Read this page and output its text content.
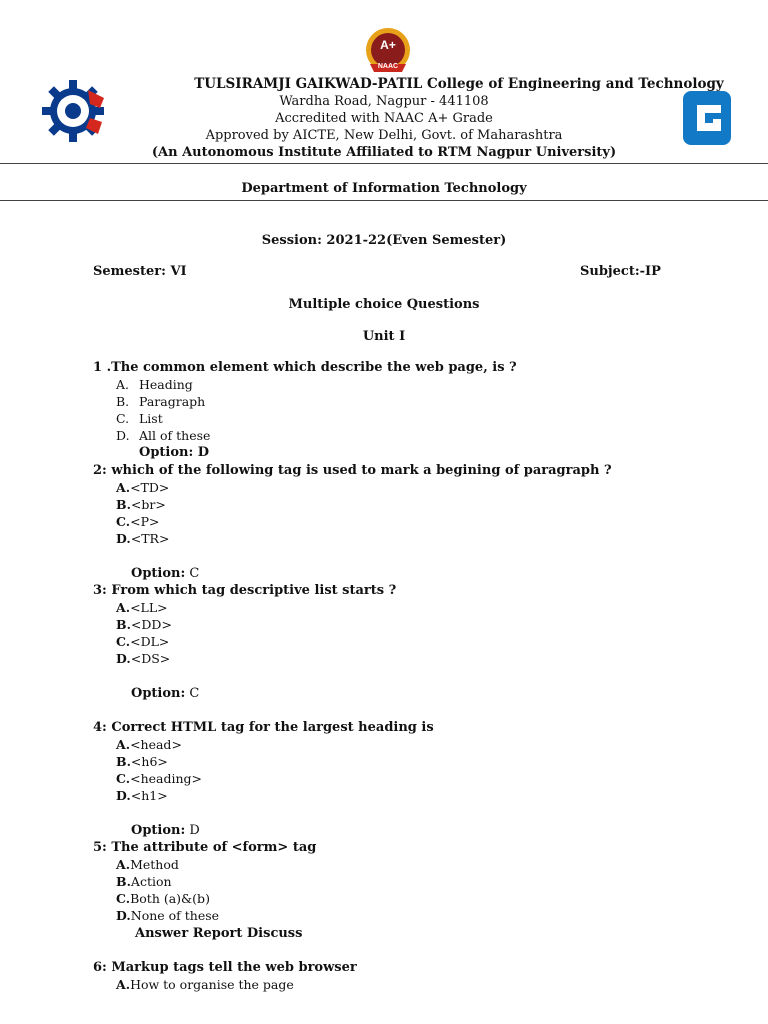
A+
NAAC
TULSIRAMJI GAIKWAD-PATIL College of Engineering and Technology
Wardha Road, Nagpur - 441108
Accredited with NAAC A+ Grade
Approved by AICTE, New Delhi, Govt. of Maharashtra
(An Autonomous Institute Affiliated to RTM Nagpur University)
Department of Information Technology
Session: 2021-22(Even Semester)
Semester: VI	Subject:-IP
Multiple choice Questions
Unit I
1 .The common element which describe the web page, is ?
A. Heading
B. Paragraph
C. List
D. All of these
Option: D
2: which of the following tag is used to mark a begining of paragraph ?
A.<TD>
B.<br>
C.<P>
D.<TR>
Option: C
3: From which tag descriptive list starts ?
A.<LL>
B.<DD>
C.<DL>
D.<DS>
Option: C
4: Correct HTML tag for the largest heading is
A.<head>
B.<h6>
C.<heading>
D.<h1>
Option: D
5: The attribute of <form> tag
A.Method
B.Action
C.Both (a)&(b)
D.None of these
Answer Report Discuss
6: Markup tags tell the web browser
A.How to organise the page
